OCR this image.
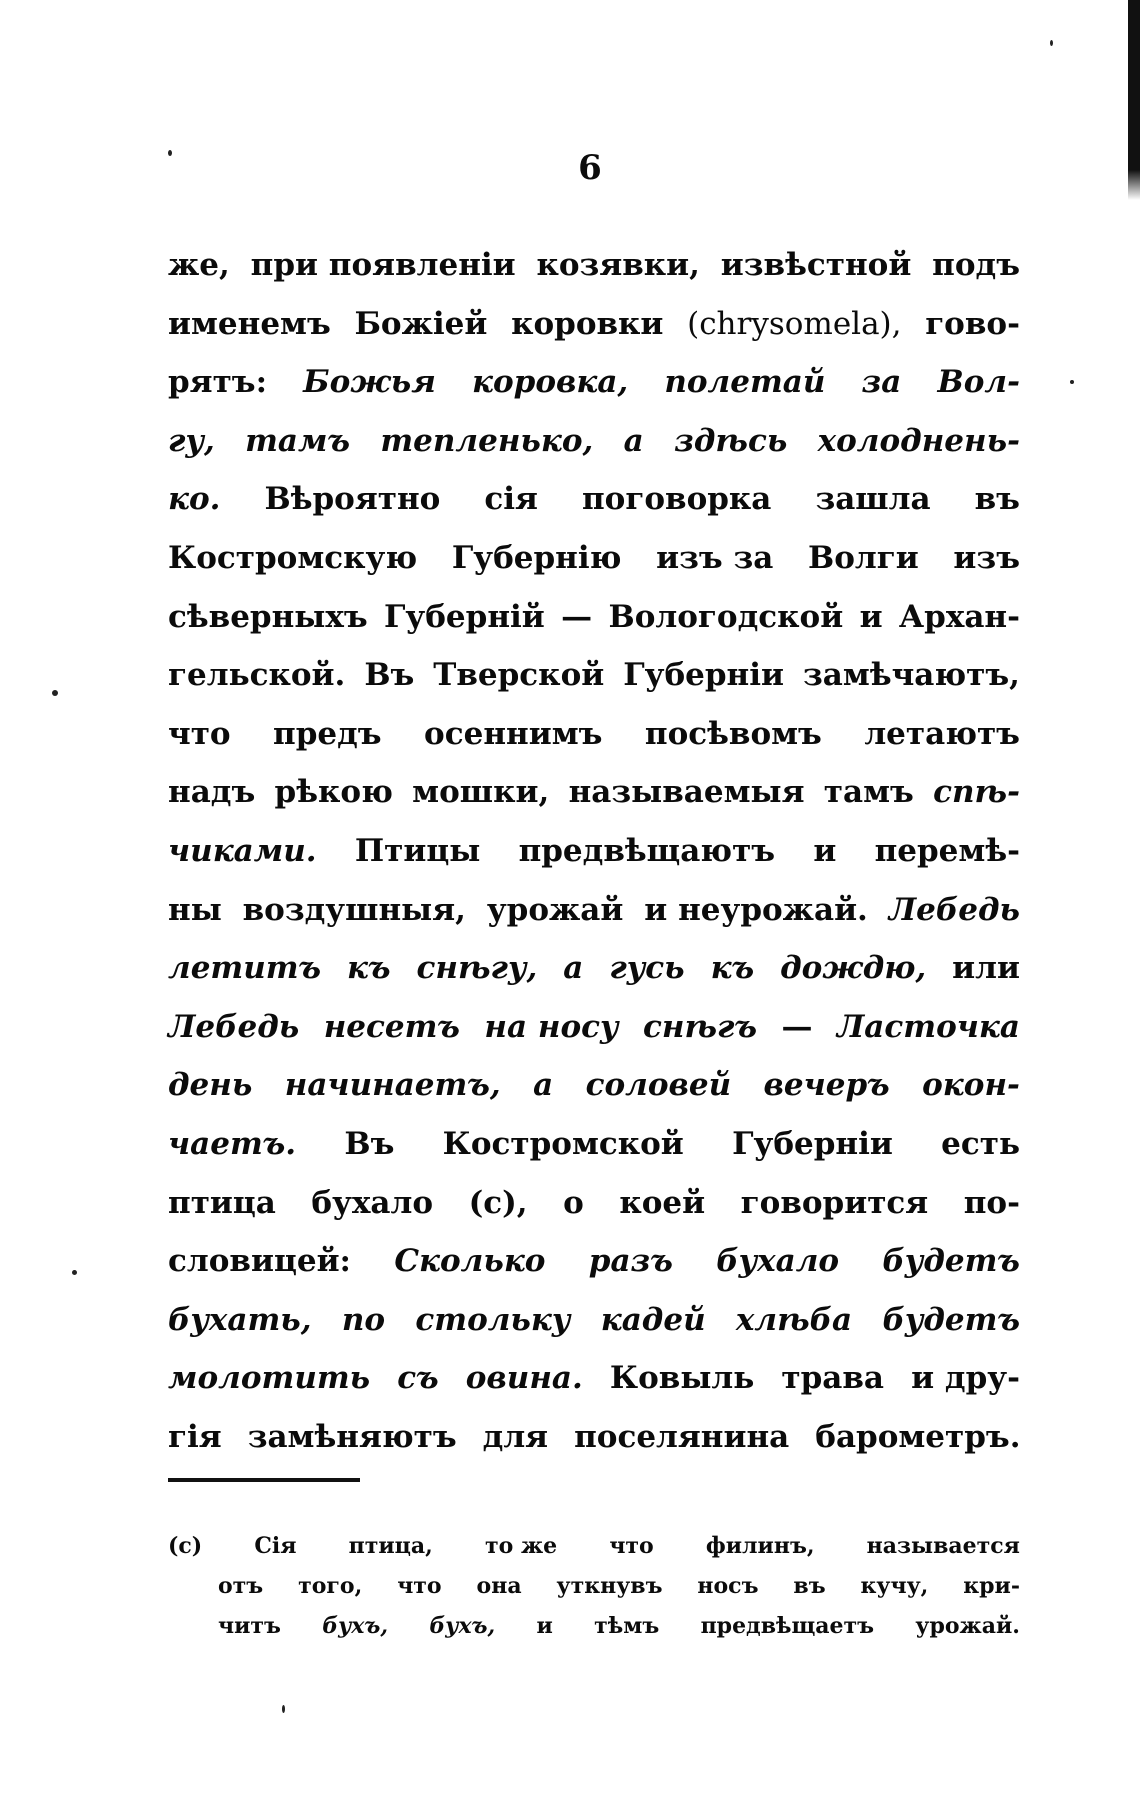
6
же, при появленіи козявки, извѣстной подъ
именемъ Божіей коровки (chrysomela), гово-
рятъ: Божья коровка, полетай за Вол-
гу, тамъ тепленько, а здѣсь холоднень-
ко. Вѣроятно сія поговорка зашла въ
Костромскую Губернію изъ за Волги изъ
сѣверныхъ Губерній — Вологодской и Архан-
гельской. Въ Тверской Губерніи замѣчаютъ,
что предъ осеннимъ посѣвомъ летаютъ
надъ рѣкою мошки, называемыя тамъ спѣ-
чиками. Птицы предвѣщаютъ и перемѣ-
ны воздушныя, урожай и неурожай. Лебедь
летитъ къ снѣгу, а гусь къ дождю, или
Лебедь несетъ на носу снѣгъ — Ласточка
день начинаетъ, а соловей вечеръ окон-
чаетъ. Въ Костромской Губерніи есть
птица бухало (с), о коей говорится по-
словицей: Сколько разъ бухало будетъ
бухать, по стольку кадей хлѣба будетъ
молотить съ овина. Ковыль трава и дру-
гія замѣняютъ для поселянина барометръ.
(с) Сія птица, то же что филинъ, называется
отъ того, что она уткнувъ носъ въ кучу, кри-
читъ бухъ, бухъ, и тѣмъ предвѣщаетъ урожай.
